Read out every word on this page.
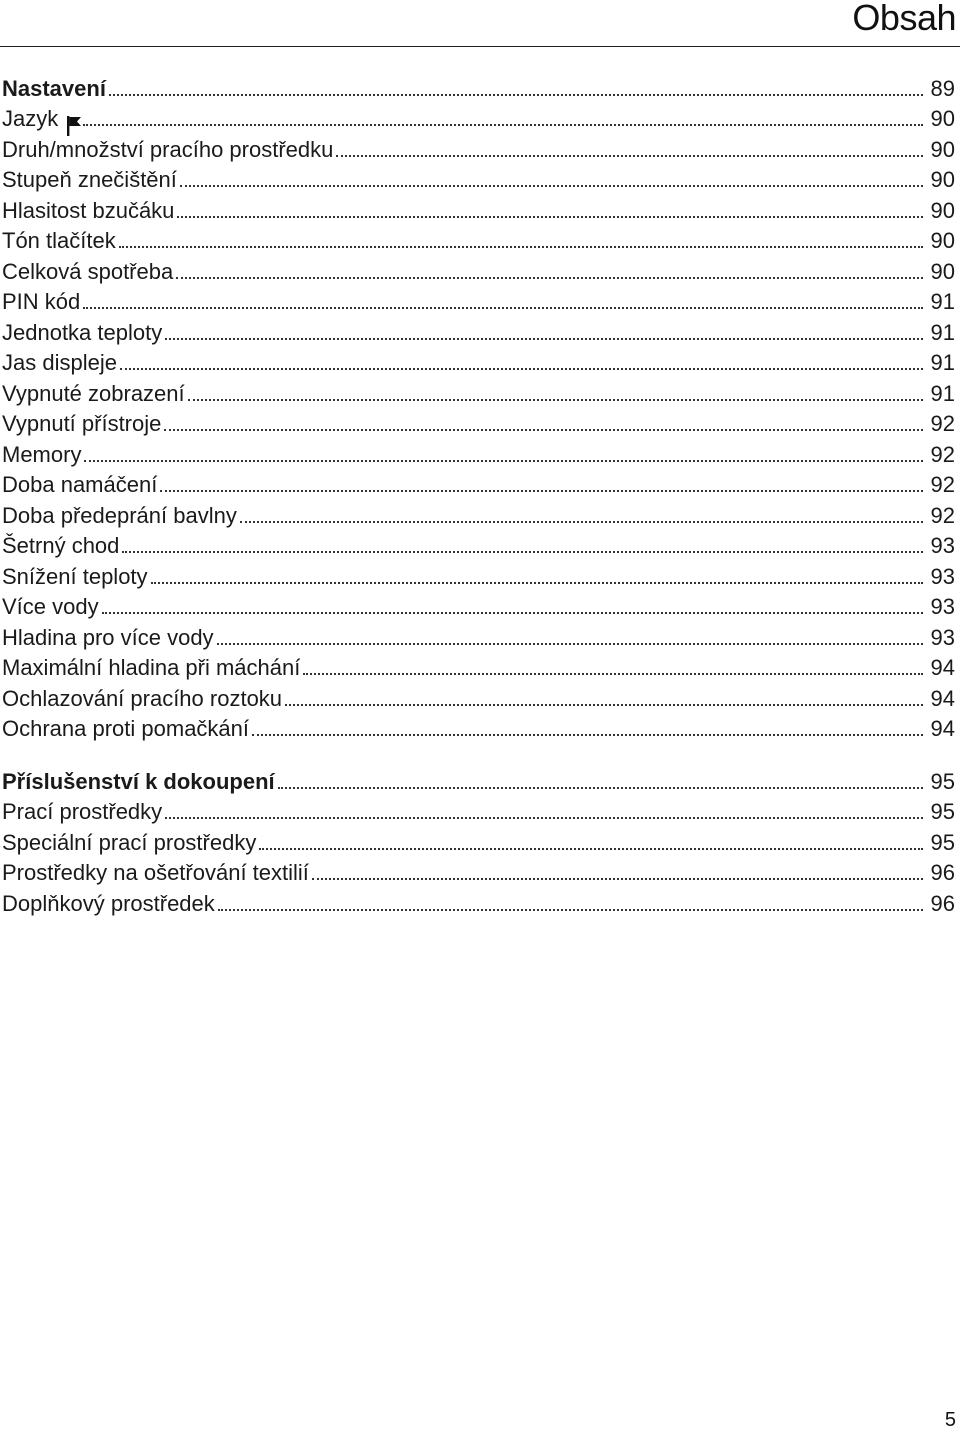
Obsah
Nastavení	89
Jazyk	90
Druh/množství pracího prostředku	90
Stupeň znečištění	90
Hlasitost bzučáku	90
Tón tlačítek	90
Celková spotřeba	90
PIN kód	91
Jednotka teploty	91
Jas displeje	91
Vypnuté zobrazení	91
Vypnutí přístroje	92
Memory	92
Doba namáčení	92
Doba předeprání bavlny	92
Šetrný chod	93
Snížení teploty	93
Více vody	93
Hladina pro více vody	93
Maximální hladina při máchání	94
Ochlazování pracího roztoku	94
Ochrana proti pomačkání	94
Příslušenství k dokoupení	95
Prací prostředky	95
Speciální prací prostředky	95
Prostředky na ošetřování textilií	96
Doplňkový prostředek	96
5
